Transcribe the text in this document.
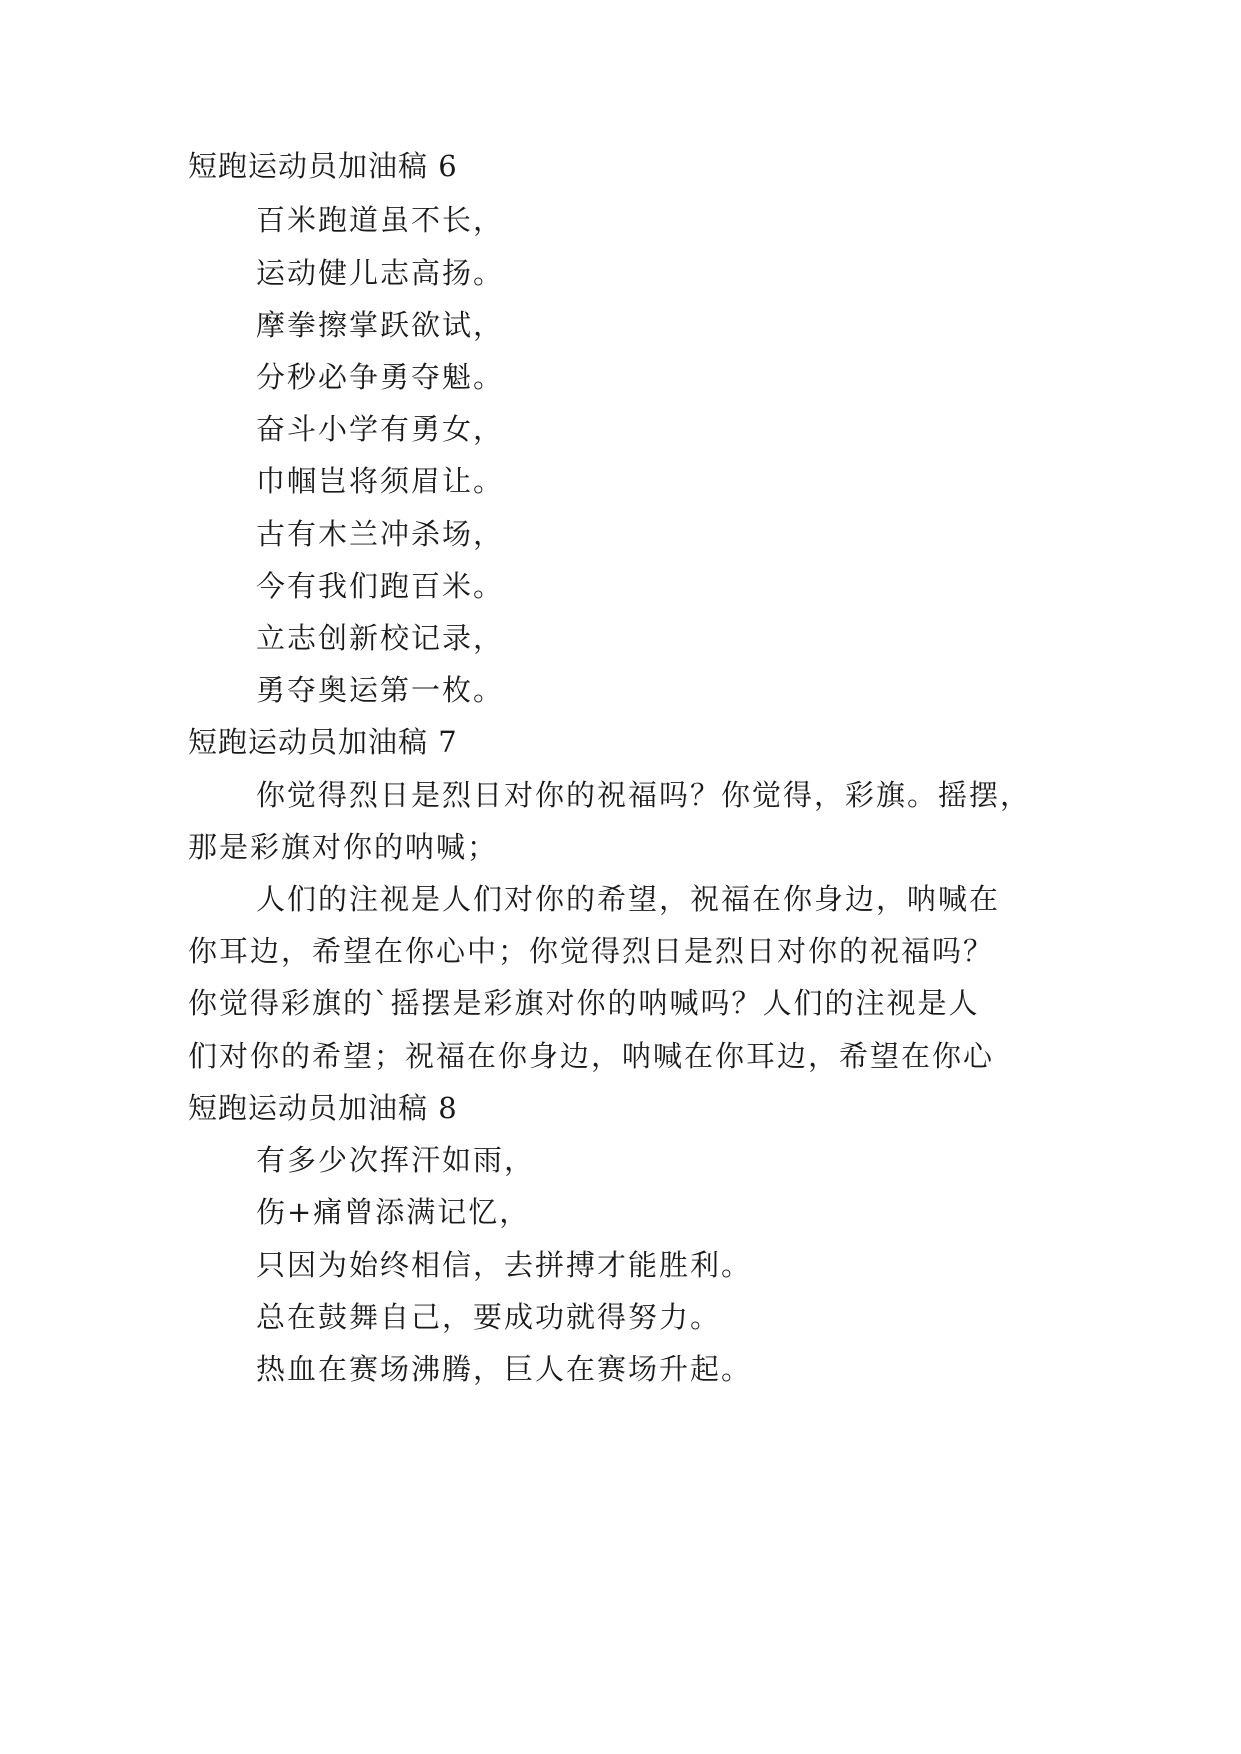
短跑运动员加油稿 6
百米跑道虽不长，
运动健儿志高扬。
摩拳擦掌跃欲试，
分秒必争勇夺魁。
奋斗小学有勇女，
巾帼岂将须眉让。
古有木兰冲杀场，
今有我们跑百米。
立志创新校记录，
勇夺奥运第一枚。
短跑运动员加油稿 7
你觉得烈日是烈日对你的祝福吗？你觉得，彩旗。摇摆，
那是彩旗对你的呐喊；
人们的注视是人们对你的希望，祝福在你身边，呐喊在
你耳边，希望在你心中；你觉得烈日是烈日对你的祝福吗？
你觉得彩旗的`摇摆是彩旗对你的呐喊吗？人们的注视是人
们对你的希望；祝福在你身边，呐喊在你耳边，希望在你心
短跑运动员加油稿 8
有多少次挥汗如雨，
伤+痛曾添满记忆，
只因为始终相信，去拼搏才能胜利。
总在鼓舞自己，要成功就得努力。
热血在赛场沸腾，巨人在赛场升起。
